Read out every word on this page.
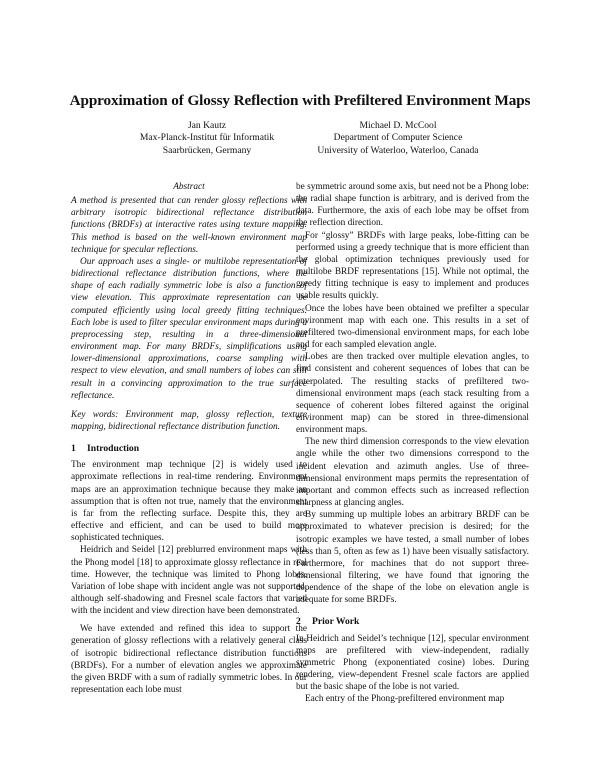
Approximation of Glossy Reflection with Prefiltered Environment Maps
Jan Kautz
Max-Planck-Institut für Informatik
Saarbrücken, Germany
Michael D. McCool
Department of Computer Science
University of Waterloo, Waterloo, Canada
Abstract

A method is presented that can render glossy reflections with arbitrary isotropic bidirectional reflectance distribution functions (BRDFs) at interactive rates using texture mapping. This method is based on the well-known environment map technique for specular reflections.

Our approach uses a single- or multilobe representation of bidirectional reflectance distribution functions, where the shape of each radially symmetric lobe is also a function of view elevation. This approximate representation can be computed efficiently using local greedy fitting techniques. Each lobe is used to filter specular environment maps during a preprocessing step, resulting in a three-dimensional environment map. For many BRDFs, simplifications using lower-dimensional approximations, coarse sampling with respect to view elevation, and small numbers of lobes can still result in a convincing approximation to the true surface reflectance.

Key words: Environment map, glossy reflection, texture mapping, bidirectional reflectance distribution function.

1 Introduction

The environment map technique [2] is widely used to approximate reflections in real-time rendering. Environment maps are an approximation technique because they make an assumption that is often not true, namely that the environment is far from the reflecting surface. Despite this, they are effective and efficient, and can be used to build more sophisticated techniques.

Heidrich and Seidel [12] preblurred environment maps with the Phong model [18] to approximate glossy reflectance in real time. However, the technique was limited to Phong lobes. Variation of lobe shape with incident angle was not supported, although self-shadowing and Fresnel scale factors that varied with the incident and view direction have been demonstrated.

We have extended and refined this idea to support the generation of glossy reflections with a relatively general class of isotropic bidirectional reflectance distribution functions (BRDFs). For a number of elevation angles we approximate the given BRDF with a sum of radially symmetric lobes. In our representation each lobe must

be symmetric around some axis, but need not be a Phong lobe: the radial shape function is arbitrary, and is derived from the data. Furthermore, the axis of each lobe may be offset from the reflection direction.

For “glossy” BRDFs with large peaks, lobe-fitting can be performed using a greedy technique that is more efficient than the global optimization techniques previously used for multilobe BRDF representations [15]. While not optimal, the greedy fitting technique is easy to implement and produces usable results quickly.

Once the lobes have been obtained we prefilter a specular environment map with each one. This results in a set of prefiltered two-dimensional environment maps, for each lobe and for each sampled elevation angle.

Lobes are then tracked over multiple elevation angles, to find consistent and coherent sequences of lobes that can be interpolated. The resulting stacks of prefiltered two-dimensional environment maps (each stack resulting from a sequence of coherent lobes filtered against the original environment map) can be stored in three-dimensional environment maps.

The new third dimension corresponds to the view elevation angle while the other two dimensions correspond to the incident elevation and azimuth angles. Use of three-dimensional environment maps permits the representation of important and common effects such as increased reflection sharpness at glancing angles.

By summing up multiple lobes an arbitrary BRDF can be approximated to whatever precision is desired; for the isotropic examples we have tested, a small number of lobes (less than 5, often as few as 1) have been visually satisfactory. Furthermore, for machines that do not support three-dimensional filtering, we have found that ignoring the dependence of the shape of the lobe on elevation angle is adequate for some BRDFs.

2 Prior Work

In Heidrich and Seidel’s technique [12], specular environment maps are prefiltered with view-independent, radially symmetric Phong (exponentiated cosine) lobes. During rendering, view-dependent Fresnel scale factors are applied but the basic shape of the lobe is not varied.

Each entry of the Phong-prefiltered environment map
